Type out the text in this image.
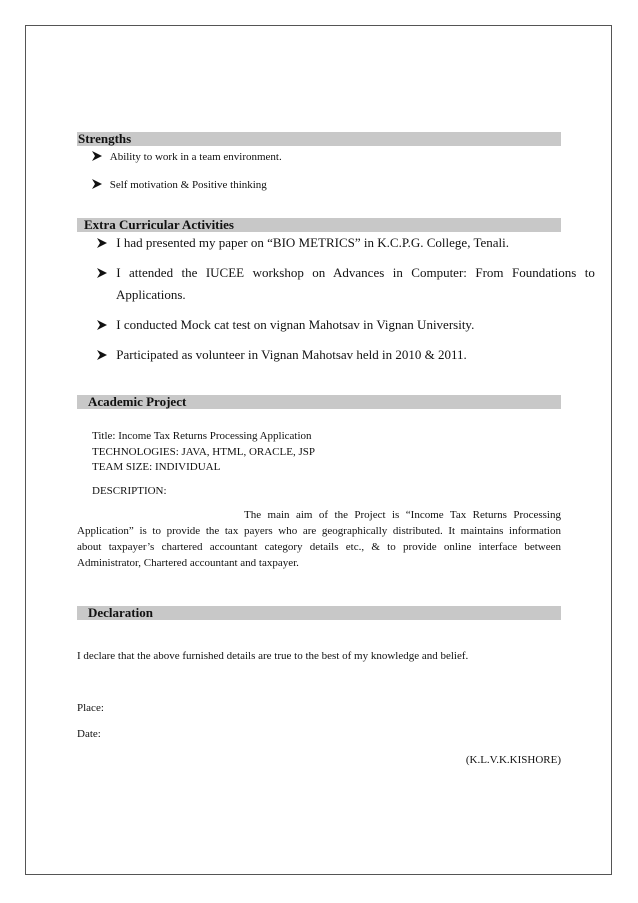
Strengths
Ability to work in a team environment.
Self motivation & Positive thinking
Extra Curricular Activities
I had presented my paper on “BIO METRICS” in K.C.P.G. College, Tenali.
I attended the IUCEE workshop on Advances in Computer: From Foundations to
Applications.
I conducted Mock cat test on vignan Mahotsav in Vignan University.
Participated as volunteer in Vignan Mahotsav held in 2010 & 2011.
Academic Project
Title: Income Tax Returns Processing Application
TECHNOLOGIES: JAVA, HTML, ORACLE, JSP
TEAM SIZE: INDIVIDUAL
DESCRIPTION:
The main aim of the Project is “Income Tax Returns Processing
Application” is to provide the tax payers who are geographically distributed. It maintains information
about taxpayer’s chartered accountant category details etc., & to provide online interface between
Administrator, Chartered accountant and taxpayer.
Declaration
I declare that the above furnished details are true to the best of my knowledge and belief.
Place:
Date:
(K.L.V.K.KISHORE)
